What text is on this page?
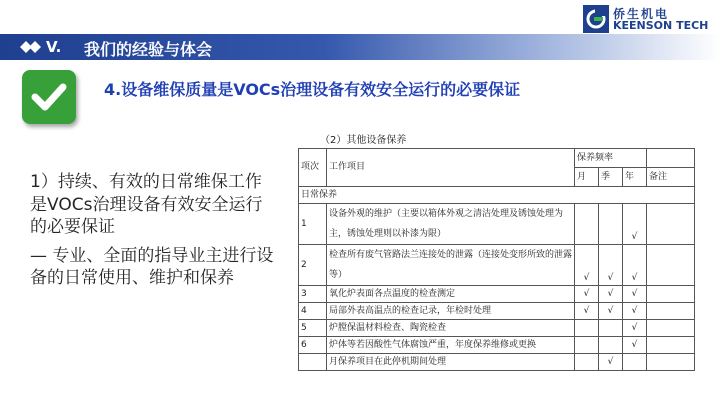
侨生机电
KEENSON TECH
V. 我们的经验与体会
4.设备维保质量是VOCs治理设备有效安全运行的必要保证

1）持续、有效的日常维保工作是VOCs治理设备有效安全运行的必要保证

— 专业、全面的指导业主进行设备的日常使用、维护和保养

（2）其他设备保养
项次	工作项目	保养频率			
		月	季	年	备注
日常保养					
1	设备外观的维护（主要以箱体外观之清洁处理及锈蚀处理为主，锈蚀处理则以补漆为限）			√	
2	检查所有废气管路法兰连接处的泄露（连接处变形所致的泄露等）	√	√	√	
3	氧化炉表面各点温度的检查测定	√	√	√	
4	局部外表高温点的检查记录，年检时处理	√	√	√	
5	炉膛保温材料检查、陶瓷检查			√	
6	炉体等若因酸性气体腐蚀严重，年度保养维修或更换			√	
	月保养项目在此停机期间处理		√		
